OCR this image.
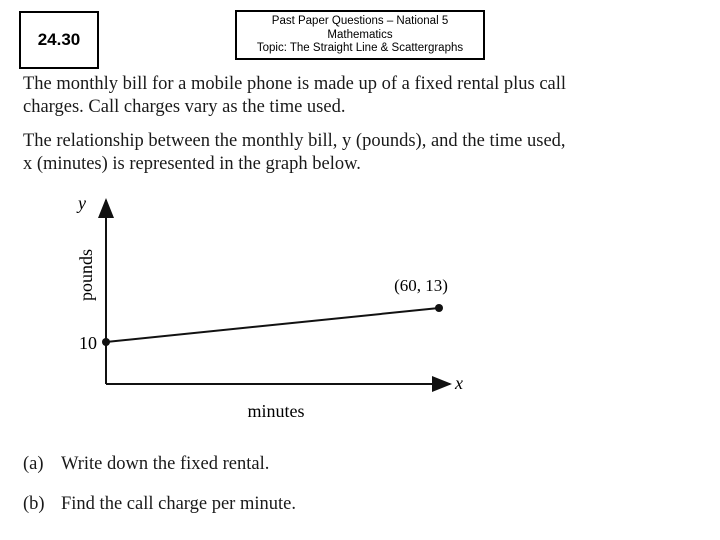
24.30
Past Paper Questions – National 5
Mathematics
Topic: The Straight Line & Scattergraphs
The monthly bill for a mobile phone is made up of a fixed rental plus call
charges. Call charges vary as the time used.
The relationship between the monthly bill, y (pounds), and the time used,
x (minutes) is represented in the graph below.
x
y
pounds
minutes
10
(60, 13)
(a) Write down the fixed rental.
(b) Find the call charge per minute.
